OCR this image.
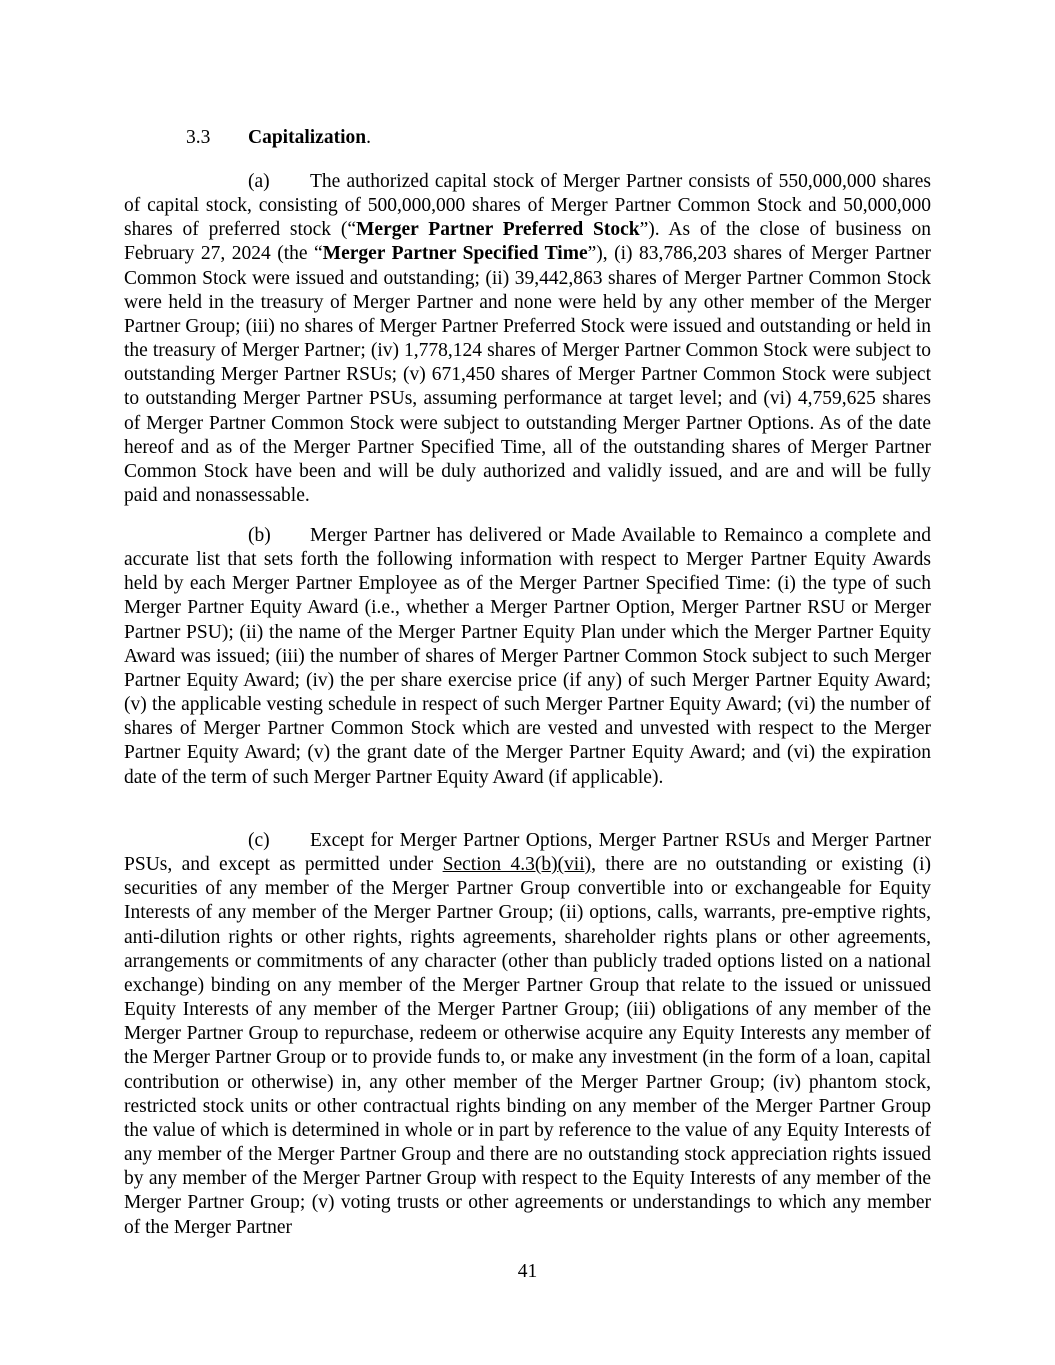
3.3 Capitalization.
(a) The authorized capital stock of Merger Partner consists of 550,000,000 shares of capital stock, consisting of 500,000,000 shares of Merger Partner Common Stock and 50,000,000 shares of preferred stock (“Merger Partner Preferred Stock”). As of the close of business on February 27, 2024 (the “Merger Partner Specified Time”), (i) 83,786,203 shares of Merger Partner Common Stock were issued and outstanding; (ii) 39,442,863 shares of Merger Partner Common Stock were held in the treasury of Merger Partner and none were held by any other member of the Merger Partner Group; (iii) no shares of Merger Partner Preferred Stock were issued and outstanding or held in the treasury of Merger Partner; (iv) 1,778,124 shares of Merger Partner Common Stock were subject to outstanding Merger Partner RSUs; (v) 671,450 shares of Merger Partner Common Stock were subject to outstanding Merger Partner PSUs, assuming performance at target level; and (vi) 4,759,625 shares of Merger Partner Common Stock were subject to outstanding Merger Partner Options. As of the date hereof and as of the Merger Partner Specified Time, all of the outstanding shares of Merger Partner Common Stock have been and will be duly authorized and validly issued, and are and will be fully paid and nonassessable.
(b) Merger Partner has delivered or Made Available to Remainco a complete and accurate list that sets forth the following information with respect to Merger Partner Equity Awards held by each Merger Partner Employee as of the Merger Partner Specified Time: (i) the type of such Merger Partner Equity Award (i.e., whether a Merger Partner Option, Merger Partner RSU or Merger Partner PSU); (ii) the name of the Merger Partner Equity Plan under which the Merger Partner Equity Award was issued; (iii) the number of shares of Merger Partner Common Stock subject to such Merger Partner Equity Award; (iv) the per share exercise price (if any) of such Merger Partner Equity Award; (v) the applicable vesting schedule in respect of such Merger Partner Equity Award; (vi) the number of shares of Merger Partner Common Stock which are vested and unvested with respect to the Merger Partner Equity Award; (v) the grant date of the Merger Partner Equity Award; and (vi) the expiration date of the term of such Merger Partner Equity Award (if applicable).
(c) Except for Merger Partner Options, Merger Partner RSUs and Merger Partner PSUs, and except as permitted under Section 4.3(b)(vii), there are no outstanding or existing (i) securities of any member of the Merger Partner Group convertible into or exchangeable for Equity Interests of any member of the Merger Partner Group; (ii) options, calls, warrants, pre-emptive rights, anti-dilution rights or other rights, rights agreements, shareholder rights plans or other agreements, arrangements or commitments of any character (other than publicly traded options listed on a national exchange) binding on any member of the Merger Partner Group that relate to the issued or unissued Equity Interests of any member of the Merger Partner Group; (iii) obligations of any member of the Merger Partner Group to repurchase, redeem or otherwise acquire any Equity Interests any member of the Merger Partner Group or to provide funds to, or make any investment (in the form of a loan, capital contribution or otherwise) in, any other member of the Merger Partner Group; (iv) phantom stock, restricted stock units or other contractual rights binding on any member of the Merger Partner Group the value of which is determined in whole or in part by reference to the value of any Equity Interests of any member of the Merger Partner Group and there are no outstanding stock appreciation rights issued by any member of the Merger Partner Group with respect to the Equity Interests of any member of the Merger Partner Group; (v) voting trusts or other agreements or understandings to which any member of the Merger Partner
41
